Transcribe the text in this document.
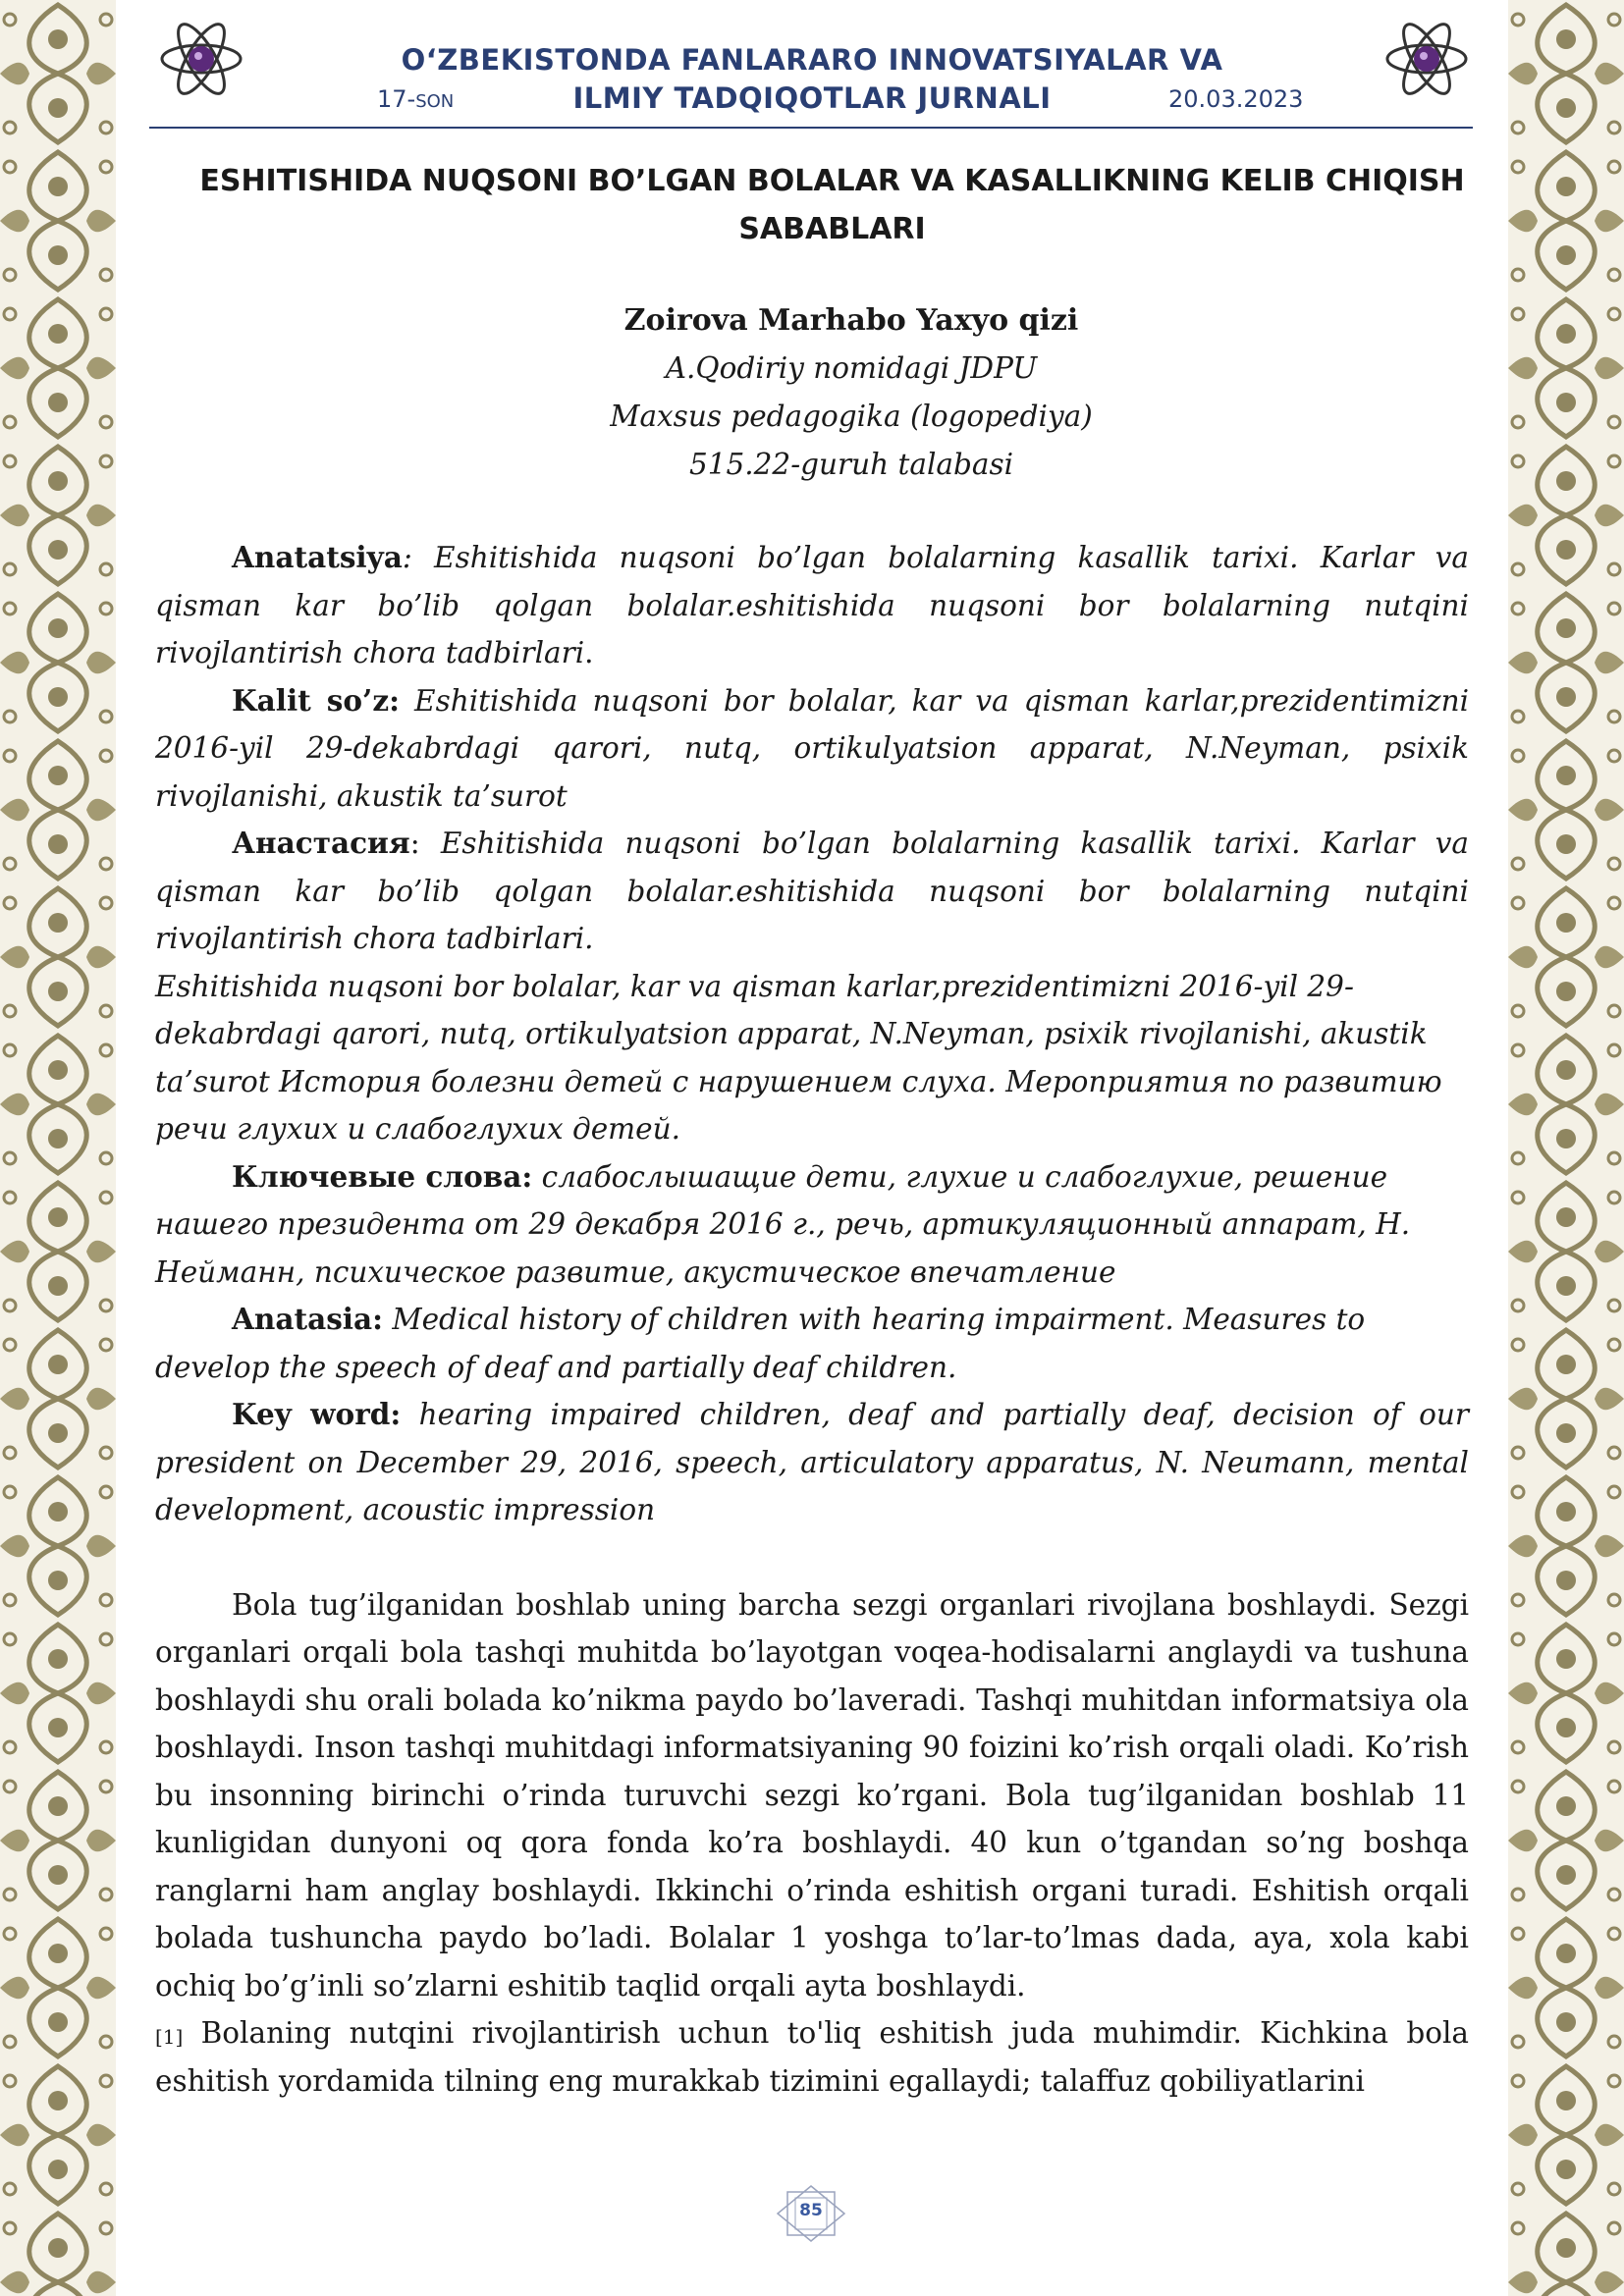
O‘ZBEKISTONDA FANLARARO INNOVATSIYALAR VA
ILMIY TADQIQOTLAR JURNALI
17-SON	20.03.2023
ESHITISHIDA NUQSONI BO’LGAN BOLALAR VA KASALLIKNING KELIB CHIQISH SABABLARI
Zoirova Marhabo Yaxyo qizi
A.Qodiriy nomidagi JDPU
Maxsus pedagogika (logopediya)
515.22-guruh talabasi

Anatatsiya: Eshitishida nuqsoni bo’lgan bolalarning kasallik tarixi. Karlar va qisman kar bo’lib qolgan bolalar.eshitishida nuqsoni bor bolalarning nutqini rivojlantirish chora tadbirlari.

Kalit so’z: Eshitishida nuqsoni bor bolalar, kar va qisman karlar,prezidentimizni 2016-yil 29-dekabrdagi qarori, nutq, ortikulyatsion apparat, N.Neyman, psixik rivojlanishi, akustik ta’surot

Анастасия: Eshitishida nuqsoni bo’lgan bolalarning kasallik tarixi. Karlar va qisman kar bo’lib qolgan bolalar.eshitishida nuqsoni bor bolalarning nutqini rivojlantirish chora tadbirlari.

Eshitishida nuqsoni bor bolalar, kar va qisman karlar,prezidentimizni 2016-yil 29-
dekabrdagi qarori, nutq, ortikulyatsion apparat, N.Neyman, psixik rivojlanishi, akustik
ta’surot История болезни детей с нарушением слуха. Мероприятия по развитию
речи глухих и слабоглухих детей.

Ключевые слова: слабослышащие дети, глухие и слабоглухие, решение
нашего президента от 29 декабря 2016 г., речь, артикуляционный аппарат, Н.
Нейманн, психическое развитие, акустическое впечатление

Anatasia: Medical history of children with hearing impairment. Measures to
develop the speech of deaf and partially deaf children.

Key word: hearing impaired children, deaf and partially deaf, decision of our president on December 29, 2016, speech, articulatory apparatus, N. Neumann, mental development, acoustic impression

Bola tug’ilganidan boshlab uning barcha sezgi organlari rivojlana boshlaydi. Sezgi organlari orqali bola tashqi muhitda bo’layotgan voqea-hodisalarni anglaydi va tushuna boshlaydi shu orali bolada ko’nikma paydo bo’laveradi. Tashqi muhitdan informatsiya ola boshlaydi. Inson tashqi muhitdagi informatsiyaning 90 foizini ko’rish orqali oladi. Ko’rish bu insonning birinchi o’rinda turuvchi sezgi ko’rgani. Bola tug’ilganidan boshlab 11 kunligidan dunyoni oq qora fonda ko’ra boshlaydi. 40 kun o’tgandan so’ng boshqa ranglarni ham anglay boshlaydi. Ikkinchi o’rinda eshitish organi turadi. Eshitish orqali bolada tushuncha paydo bo’ladi. Bolalar 1 yoshga to’lar-to’lmas dada, aya, xola kabi ochiq bo’g’inli so’zlarni eshitib taqlid orqali ayta boshlaydi.
[1] Bolaning nutqini rivojlantirish uchun to'liq eshitish juda muhimdir. Kichkina bola eshitish yordamida tilning eng murakkab tizimini egallaydi; talaffuz qobiliyatlarini

85
